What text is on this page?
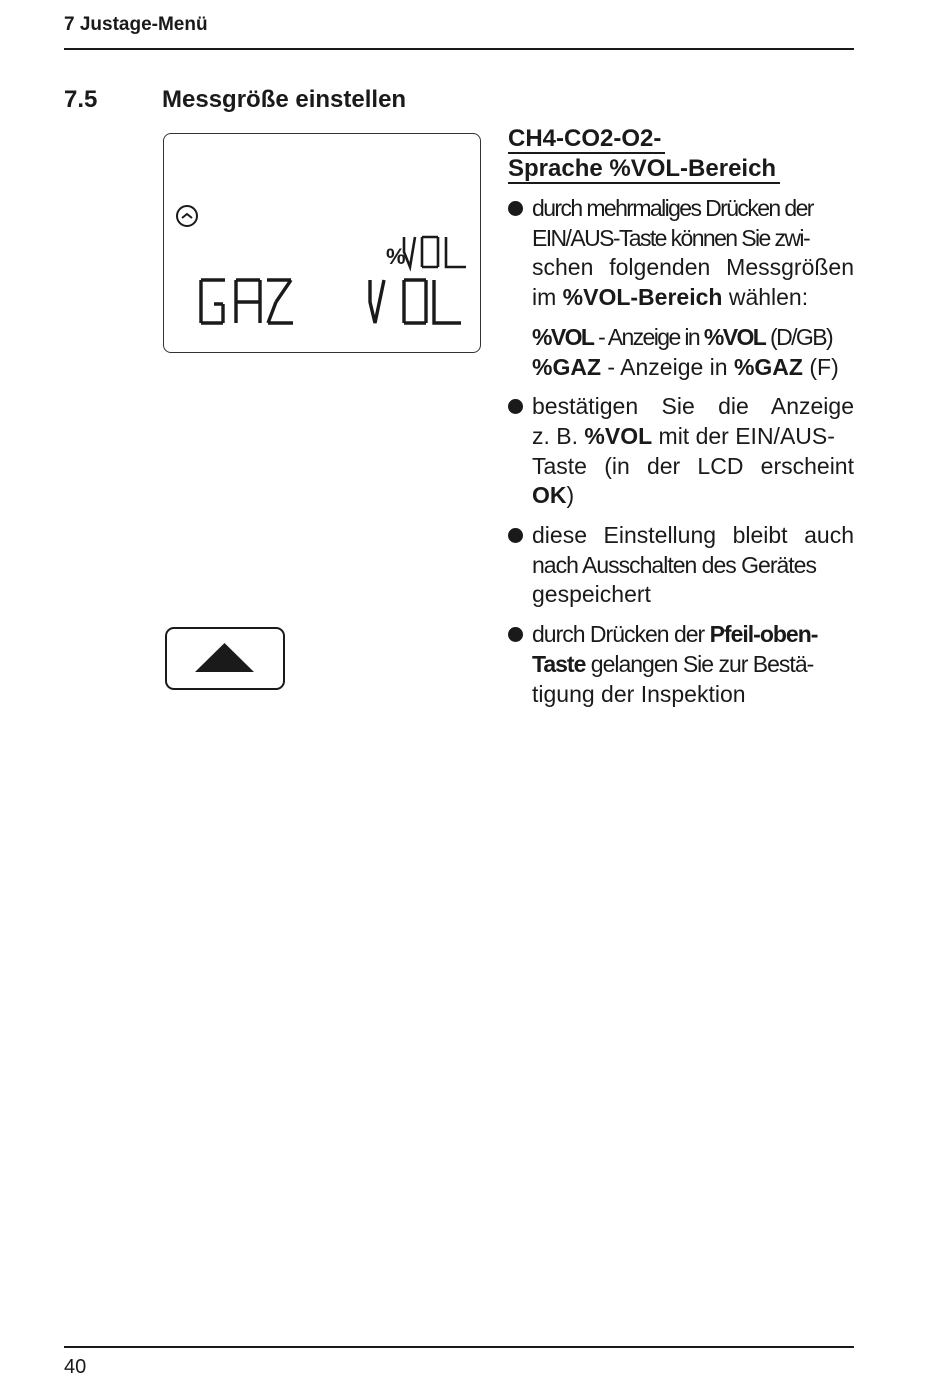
7 Justage-Menü
7.5	Messgröße einstellen
%
CH4-CO2-O2-
Sprache %VOL-Bereich
durch mehrmaliges Drücken der
EIN/AUS-Taste können Sie zwi-
schen folgenden Messgrößen
im %VOL-Bereich wählen:
%VOL - Anzeige in %VOL (D/GB)
%GAZ - Anzeige in %GAZ (F)
bestätigen Sie die Anzeige
z. B. %VOL mit der EIN/AUS-
Taste (in der LCD erscheint
OK)
diese Einstellung bleibt auch
nach Ausschalten des Gerätes
gespeichert
durch Drücken der Pfeil-oben-
Taste gelangen Sie zur Bestä-
tigung der Inspektion
40
